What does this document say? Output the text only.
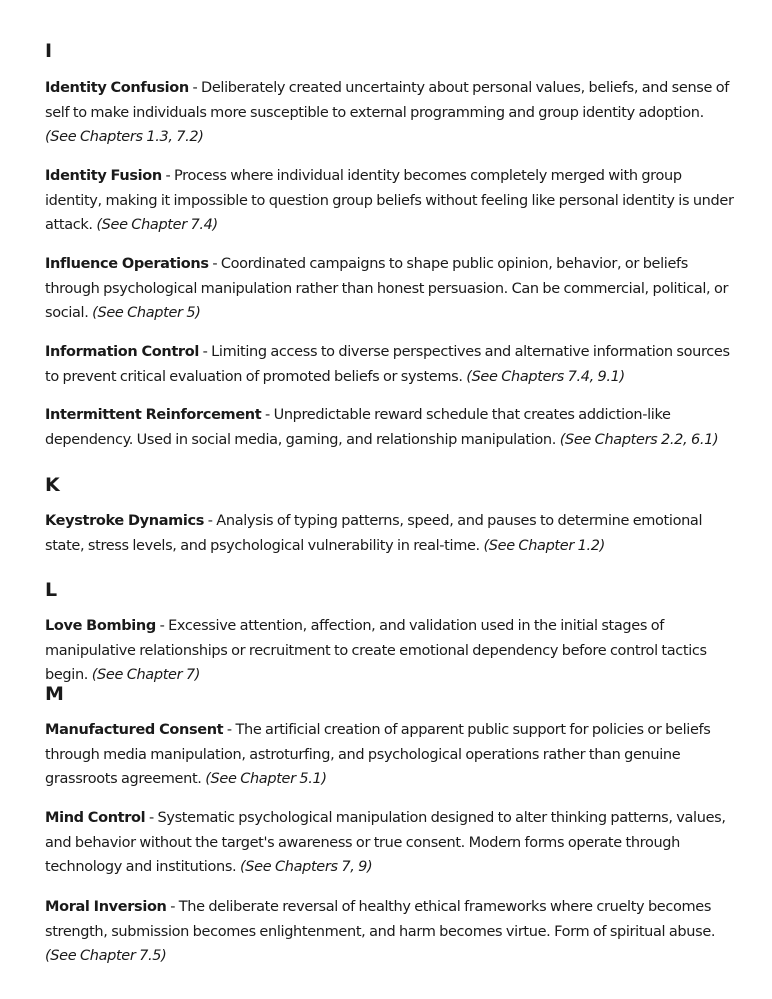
I

Identity Confusion - Deliberately created uncertainty about personal values, beliefs, and sense of self to make individuals more susceptible to external programming and group identity adoption. (See Chapters 1.3, 7.2)

Identity Fusion - Process where individual identity becomes completely merged with group identity, making it impossible to question group beliefs without feeling like personal identity is under attack. (See Chapter 7.4)

Influence Operations - Coordinated campaigns to shape public opinion, behavior, or beliefs through psychological manipulation rather than honest persuasion. Can be commercial, political, or social. (See Chapter 5)

Information Control - Limiting access to diverse perspectives and alternative information sources to prevent critical evaluation of promoted beliefs or systems. (See Chapters 7.4, 9.1)

Intermittent Reinforcement - Unpredictable reward schedule that creates addiction-like dependency. Used in social media, gaming, and relationship manipulation. (See Chapters 2.2, 6.1)

K

Keystroke Dynamics - Analysis of typing patterns, speed, and pauses to determine emotional state, stress levels, and psychological vulnerability in real-time. (See Chapter 1.2)

L

Love Bombing - Excessive attention, affection, and validation used in the initial stages of manipulative relationships or recruitment to create emotional dependency before control tactics begin. (See Chapter 7)

M

Manufactured Consent - The artificial creation of apparent public support for policies or beliefs through media manipulation, astroturfing, and psychological operations rather than genuine grassroots agreement. (See Chapter 5.1)

Mind Control - Systematic psychological manipulation designed to alter thinking patterns, values, and behavior without the target's awareness or true consent. Modern forms operate through technology and institutions. (See Chapters 7, 9)

Moral Inversion - The deliberate reversal of healthy ethical frameworks where cruelty becomes strength, submission becomes enlightenment, and harm becomes virtue. Form of spiritual abuse. (See Chapter 7.5)
